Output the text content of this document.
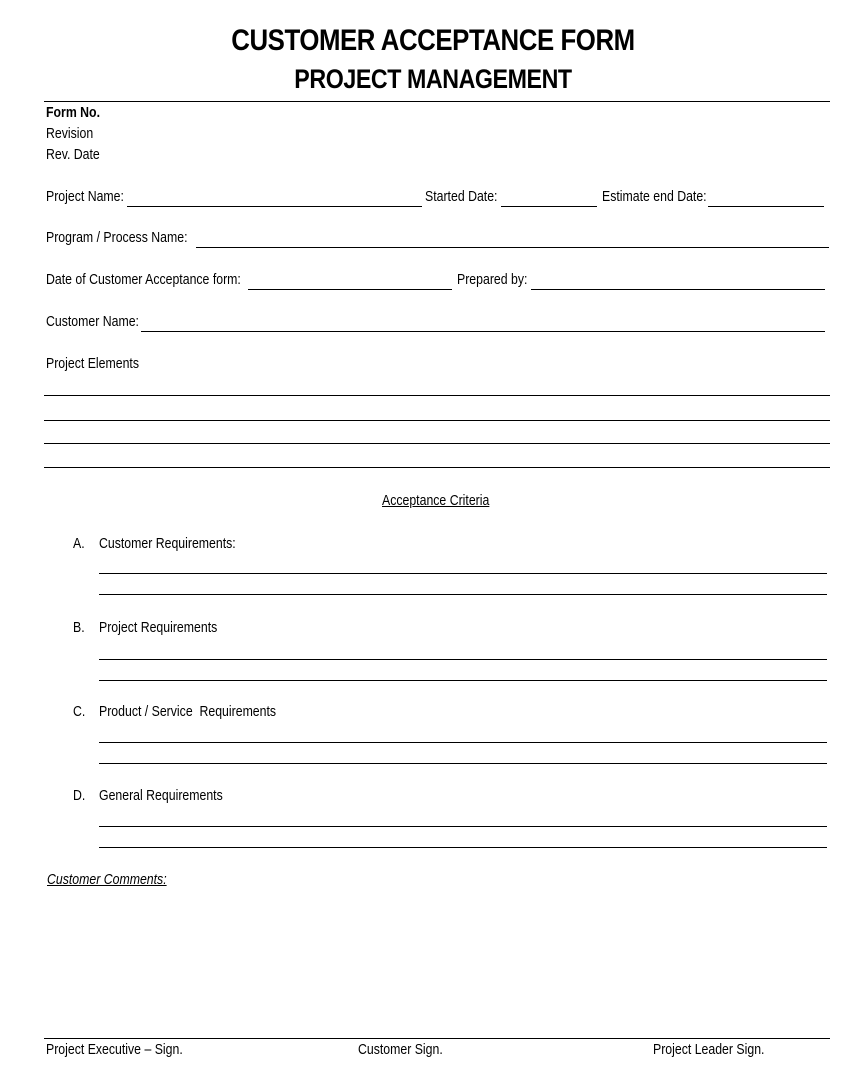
CUSTOMER ACCEPTANCE FORM
PROJECT MANAGEMENT
Form No.
Revision
Rev. Date
Project Name:	Started Date:	Estimate end Date:
Program / Process Name:
Date of Customer Acceptance form:	Prepared by:
Customer Name:
Project Elements
Acceptance Criteria
A. Customer Requirements:
B. Project Requirements
C. Product / Service  Requirements
D. General Requirements
Customer Comments:
Project Executive – Sign.	Customer Sign.	Project Leader Sign.
